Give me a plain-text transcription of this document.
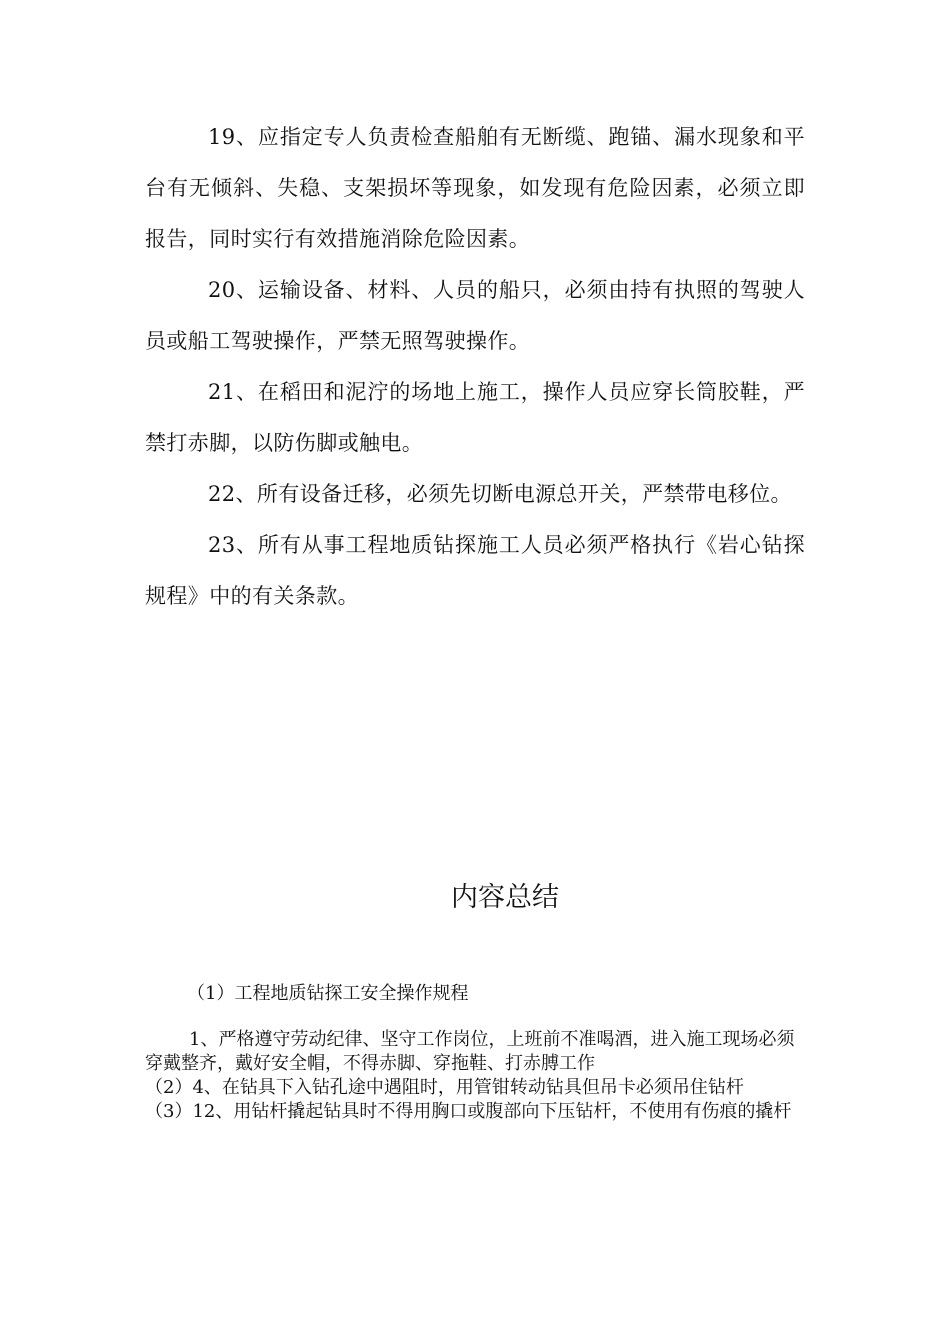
19、应指定专人负责检查船舶有无断缆、跑锚、漏水现象和平台有无倾斜、失稳、支架损坏等现象，如发现有危险因素，必须立即报告，同时实行有效措施消除危险因素。

20、运输设备、材料、人员的船只，必须由持有执照的驾驶人员或船工驾驶操作，严禁无照驾驶操作。

21、在稻田和泥泞的场地上施工，操作人员应穿长筒胶鞋，严禁打赤脚，以防伤脚或触电。

22、所有设备迁移，必须先切断电源总开关，严禁带电移位。

23、所有从事工程地质钻探施工人员必须严格执行《岩心钻探规程》中的有关条款。

内容总结

（1）工程地质钻探工安全操作规程

1、严格遵守劳动纪律、坚守工作岗位，上班前不准喝酒，进入施工现场必须穿戴整齐，戴好安全帽，不得赤脚、穿拖鞋、打赤膊工作

（2）4、在钻具下入钻孔途中遇阻时，用管钳转动钻具但吊卡必须吊住钻杆

（3）12、用钻杆撬起钻具时不得用胸口或腹部向下压钻杆，不使用有伤痕的撬杆
